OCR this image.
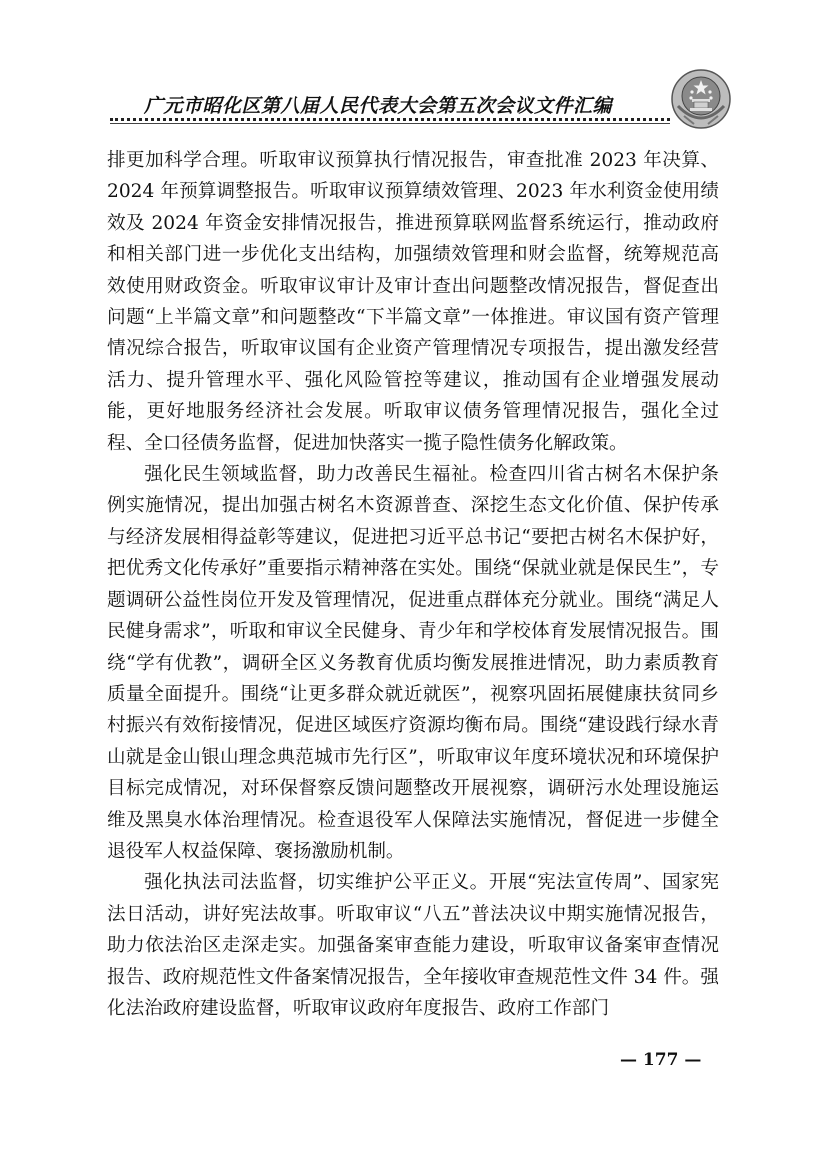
广元市昭化区第八届人民代表大会第五次会议文件汇编

排更加科学合理。听取审议预算执行情况报告，审查批准 2023 年决算、2024 年预算调整报告。听取审议预算绩效管理、2023 年水利资金使用绩效及 2024 年资金安排情况报告，推进预算联网监督系统运行，推动政府和相关部门进一步优化支出结构，加强绩效管理和财会监督，统筹规范高效使用财政资金。听取审议审计及审计查出问题整改情况报告，督促查出问题“上半篇文章”和问题整改“下半篇文章”一体推进。审议国有资产管理情况综合报告，听取审议国有企业资产管理情况专项报告，提出激发经营活力、提升管理水平、强化风险管控等建议，推动国有企业增强发展动能，更好地服务经济社会发展。听取审议债务管理情况报告，强化全过程、全口径债务监督，促进加快落实一揽子隐性债务化解政策。

强化民生领域监督，助力改善民生福祉。检查四川省古树名木保护条例实施情况，提出加强古树名木资源普查、深挖生态文化价值、保护传承与经济发展相得益彰等建议，促进把习近平总书记“要把古树名木保护好，把优秀文化传承好”重要指示精神落在实处。围绕“保就业就是保民生”，专题调研公益性岗位开发及管理情况，促进重点群体充分就业。围绕“满足人民健身需求”，听取和审议全民健身、青少年和学校体育发展情况报告。围绕“学有优教”，调研全区义务教育优质均衡发展推进情况，助力素质教育质量全面提升。围绕“让更多群众就近就医”，视察巩固拓展健康扶贫同乡村振兴有效衔接情况，促进区域医疗资源均衡布局。围绕“建设践行绿水青山就是金山银山理念典范城市先行区”，听取审议年度环境状况和环境保护目标完成情况，对环保督察反馈问题整改开展视察，调研污水处理设施运维及黑臭水体治理情况。检查退役军人保障法实施情况，督促进一步健全退役军人权益保障、褒扬激励机制。

强化执法司法监督，切实维护公平正义。开展“宪法宣传周”、国家宪法日活动，讲好宪法故事。听取审议“八五”普法决议中期实施情况报告，助力依法治区走深走实。加强备案审查能力建设，听取审议备案审查情况报告、政府规范性文件备案情况报告，全年接收审查规范性文件 34 件。强化法治政府建设监督，听取审议政府年度报告、政府工作部门

— 177 —
